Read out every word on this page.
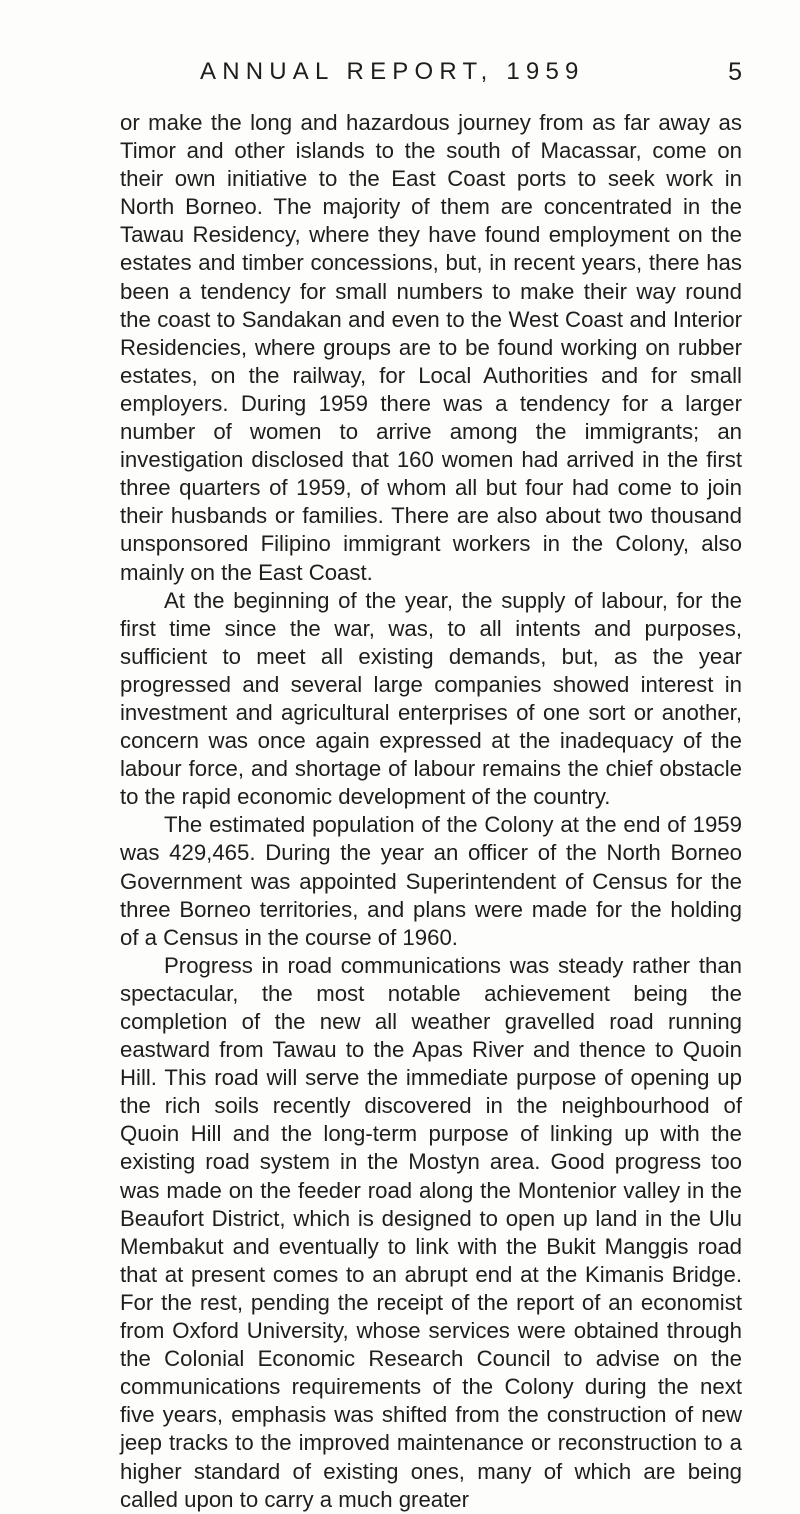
ANNUAL REPORT, 1959	5

or make the long and hazardous journey from as far away as Timor and other islands to the south of Macassar, come on their own initiative to the East Coast ports to seek work in North Borneo. The majority of them are concentrated in the Tawau Residency, where they have found employment on the estates and timber concessions, but, in recent years, there has been a tendency for small numbers to make their way round the coast to Sandakan and even to the West Coast and Interior Residencies, where groups are to be found working on rubber estates, on the railway, for Local Authorities and for small employers. During 1959 there was a tendency for a larger number of women to arrive among the immigrants; an investigation disclosed that 160 women had arrived in the first three quarters of 1959, of whom all but four had come to join their husbands or families. There are also about two thousand unsponsored Filipino immigrant workers in the Colony, also mainly on the East Coast.

At the beginning of the year, the supply of labour, for the first time since the war, was, to all intents and purposes, sufficient to meet all existing demands, but, as the year progressed and several large companies showed interest in investment and agricultural enterprises of one sort or another, concern was once again expressed at the inadequacy of the labour force, and shortage of labour remains the chief obstacle to the rapid economic development of the country.

The estimated population of the Colony at the end of 1959 was 429,465. During the year an officer of the North Borneo Government was appointed Superintendent of Census for the three Borneo territories, and plans were made for the holding of a Census in the course of 1960.

Progress in road communications was steady rather than spectacular, the most notable achievement being the completion of the new all weather gravelled road running eastward from Tawau to the Apas River and thence to Quoin Hill. This road will serve the immediate purpose of opening up the rich soils recently discovered in the neighbourhood of Quoin Hill and the long-term purpose of linking up with the existing road system in the Mostyn area. Good progress too was made on the feeder road along the Montenior valley in the Beaufort District, which is designed to open up land in the Ulu Membakut and eventually to link with the Bukit Manggis road that at present comes to an abrupt end at the Kimanis Bridge. For the rest, pending the receipt of the report of an economist from Oxford University, whose services were obtained through the Colonial Economic Research Council to advise on the communications requirements of the Colony during the next five years, emphasis was shifted from the construction of new jeep tracks to the improved maintenance or reconstruction to a higher standard of existing ones, many of which are being called upon to carry a much greater
